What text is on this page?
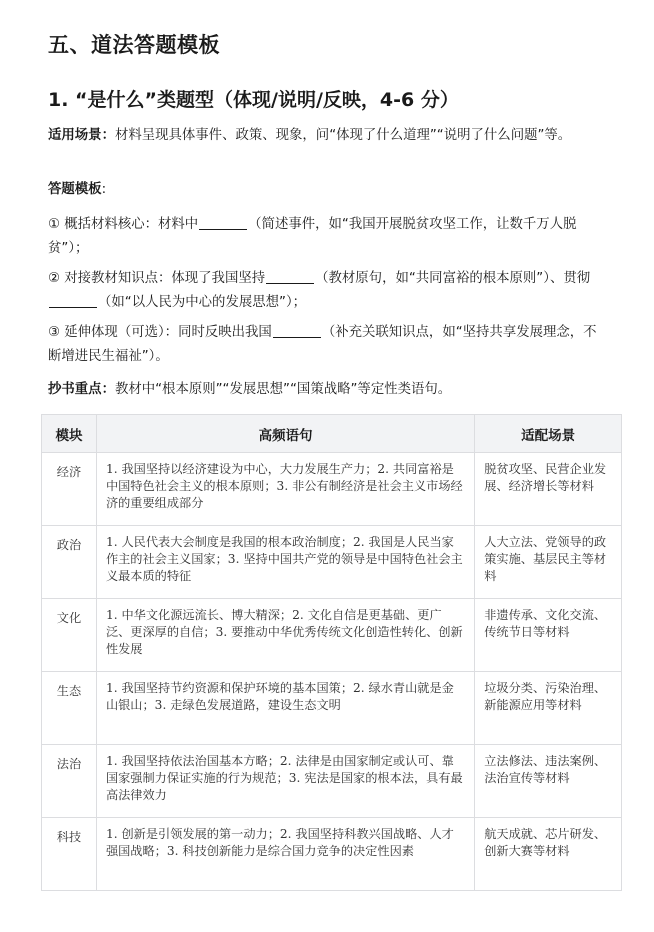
五、道法答题模板
1. “是什么”类题型（体现/说明/反映，4-6 分）

适用场景：材料呈现具体事件、政策、现象，问“体现了什么道理”“说明了什么问题”等。

答题模板:

① 概括材料核心：材料中	（简述事件，如“我国开展脱贫攻坚工作，让数千万人脱贫”）；

② 对接教材知识点：体现了我国坚持	（教材原句，如“共同富裕的根本原则”）、贯彻（如“以人民为中心的发展思想”）；

③ 延伸体现（可选）：同时反映出我国	（补充关联知识点，如“坚持共享发展理念，不断增进民生福祉”）。

抄书重点：教材中“根本原则”“发展思想”“国策战略”等定性类语句。

模块	高频语句	适配场景
经济	1. 我国坚持以经济建设为中心，大力发展生产力；2. 共同富裕是中国特色社会主义的根本原则；3. 非公有制经济是社会主义市场经济的重要组成部分	脱贫攻坚、民营企业发展、经济增长等材料
政治	1. 人民代表大会制度是我国的根本政治制度；2. 我国是人民当家作主的社会主义国家；3. 坚持中国共产党的领导是中国特色社会主义最本质的特征	人大立法、党领导的政策实施、基层民主等材料
文化	1. 中华文化源远流长、博大精深；2. 文化自信是更基础、更广泛、更深厚的自信；3. 要推动中华优秀传统文化创造性转化、创新性发展	非遗传承、文化交流、传统节日等材料
生态	1. 我国坚持节约资源和保护环境的基本国策；2. 绿水青山就是金山银山；3. 走绿色发展道路，建设生态文明	垃圾分类、污染治理、新能源应用等材料
法治	1. 我国坚持依法治国基本方略；2. 法律是由国家制定或认可、靠国家强制力保证实施的行为规范；3. 宪法是国家的根本法，具有最高法律效力	立法修法、违法案例、法治宣传等材料
科技	1. 创新是引领发展的第一动力；2. 我国坚持科教兴国战略、人才强国战略；3. 科技创新能力是综合国力竞争的决定性因素	航天成就、芯片研发、创新大赛等材料
